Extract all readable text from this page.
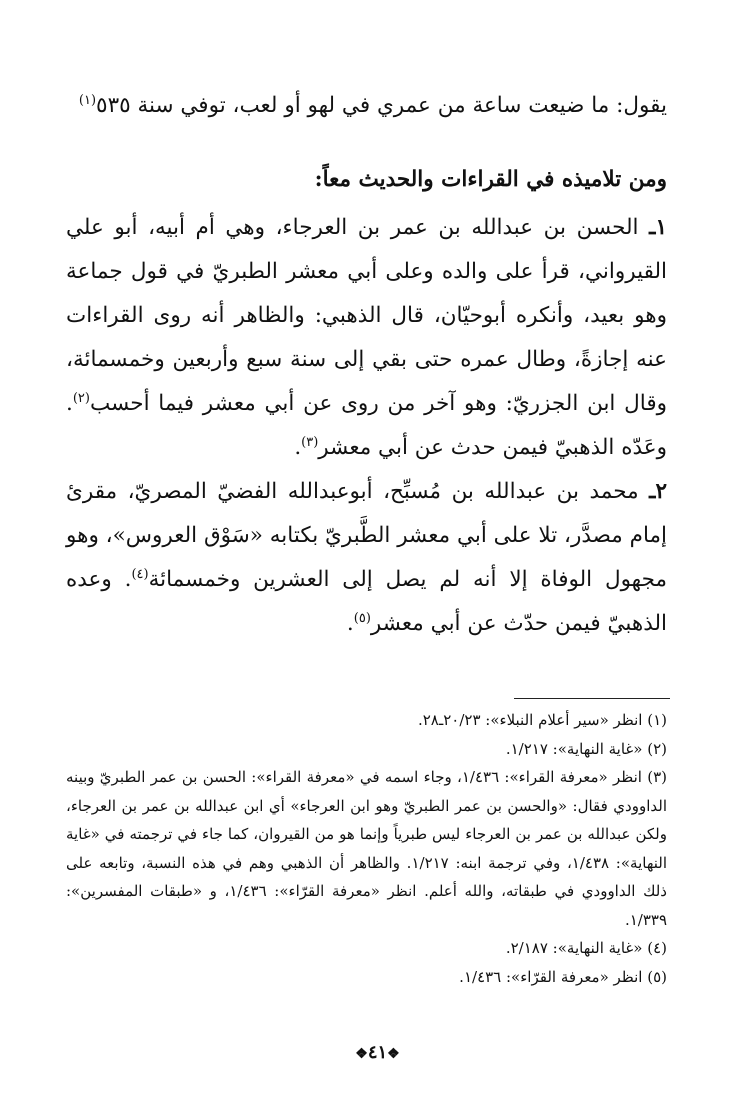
يقول: ما ضيعت ساعة من عمري في لهو أو لعب، توفي سنة ٥٣٥$^{(١)}$

ومن تلاميذه في القراءات والحديث معاً:

١ـ الحسن بن عبدالله بن عمر بن العرجاء، وهي أم أبيه، أبو علي القيرواني، قرأ على والده وعلى أبي معشر الطبريّ في قول جماعة وهو بعيد، وأنكره أبوحيّان، قال الذهبي: والظاهر أنه روى القراءات عنه إجازةً، وطال عمره حتى بقي إلى سنة سبع وأربعين وخمسمائة، وقال ابن الجزريّ: وهو آخر من روى عن أبي معشر فيما أحسب$^{(٢)}$. وعَدّه الذهبيّ فيمن حدث عن أبي معشر$^{(٣)}$.

٢ـ محمد بن عبدالله بن مُسبِّح، أبوعبدالله الفضيّ المصريّ، مقرئ إمام مصدَّر، تلا على أبي معشر الطَّبريّ بكتابه «سَوْق العروس»، وهو مجهول الوفاة إلا أنه لم يصل إلى العشرين وخمسمائة$^{(٤)}$. وعده الذهبيّ فيمن حدّث عن أبي معشر$^{(٥)}$.

(١) انظر «سير أعلام النبلاء»: ٢٠/٢٣ـ٢٨.

(٢) «غاية النهاية»: ١/٢١٧.

(٣) انظر «معرفة القراء»: ١/٤٣٦، وجاء اسمه في «معرفة القراء»: الحسن بن عمر الطبريّ وبينه الداوودي فقال: «والحسن بن عمر الطبريّ وهو ابن العرجاء» أي ابن عبدالله بن عمر بن العرجاء، ولكن عبدالله بن عمر بن العرجاء ليس طبرياً وإنما هو من القيروان، كما جاء في ترجمته في «غاية النهاية»: ١/٤٣٨، وفي ترجمة ابنه: ١/٢١٧. والظاهر أن الذهبي وهم في هذه النسبة، وتابعه على ذلك الداوودي في طبقاته، والله أعلم. انظر «معرفة القرّاء»: ١/٤٣٦، و «طبقات المفسرين»: ١/٣٣٩.

(٤) «غاية النهاية»: ٢/١٨٧.

(٥) انظر «معرفة القرّاء»: ١/٤٣٦.

❖٤١❖
